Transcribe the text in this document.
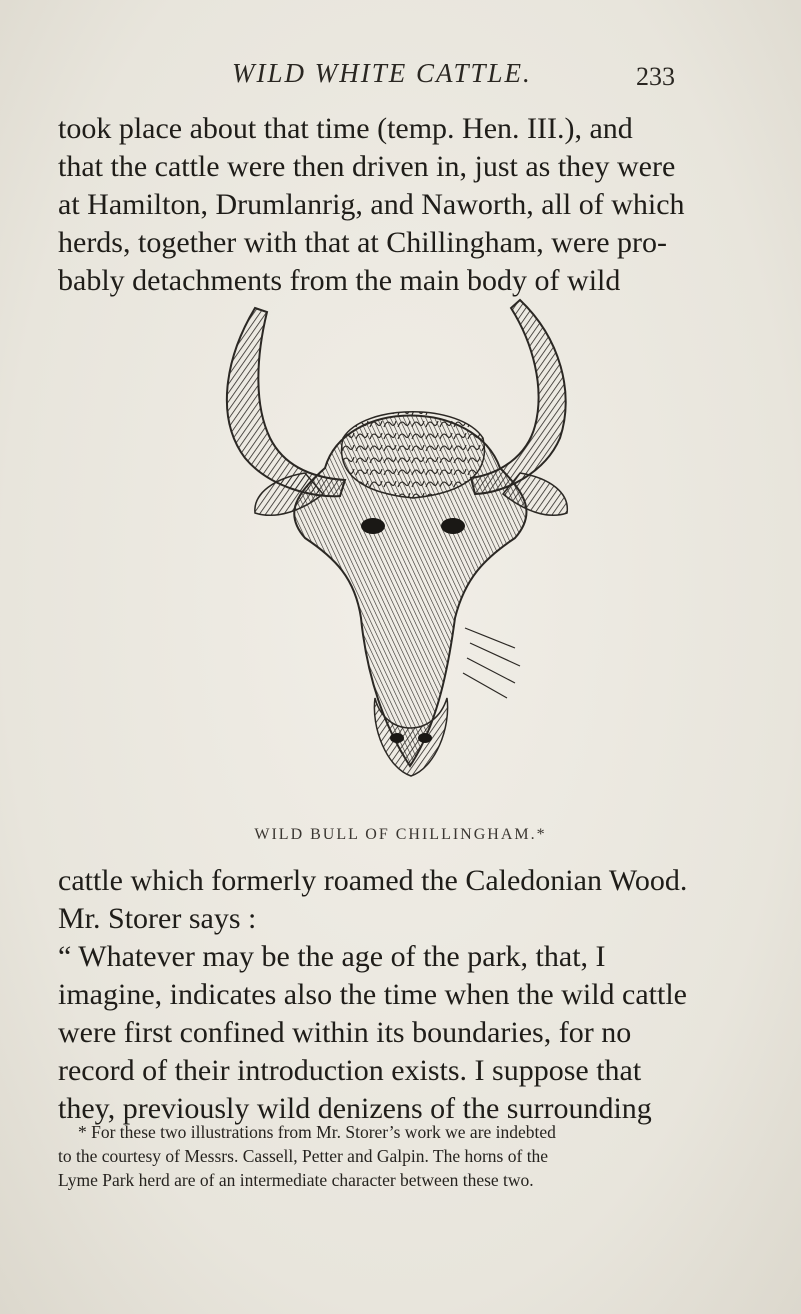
WILD WHITE CATTLE.	233
took place about that time (temp. Hen. III.), and
that the cattle were then driven in, just as they were
at Hamilton, Drumlanrig, and Naworth, all of which
herds, together with that at Chillingham, were pro-
bably detachments from the main body of wild
WILD BULL OF CHILLINGHAM.*
cattle which formerly roamed the Caledonian Wood.
Mr. Storer says :
“ Whatever may be the age of the park, that, I
imagine, indicates also the time when the wild cattle
were first confined within its boundaries, for no
record of their introduction exists. I suppose that
they, previously wild denizens of the surrounding
* For these two illustrations from Mr. Storer’s work we are indebted
to the courtesy of Messrs. Cassell, Petter and Galpin. The horns of the
Lyme Park herd are of an intermediate character between these two.
